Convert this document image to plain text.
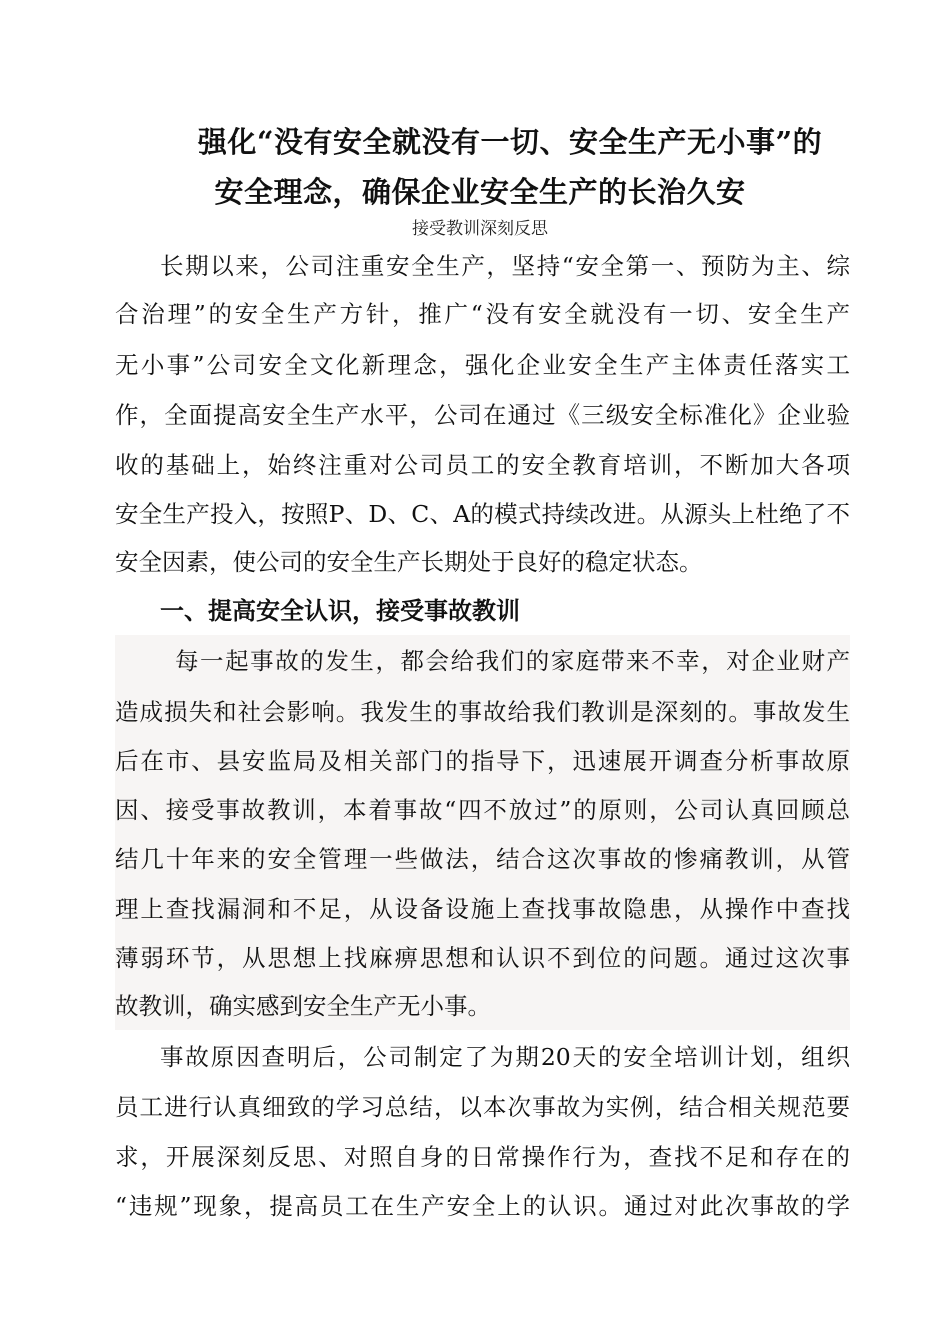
强化“没有安全就没有一切、安全生产无小事”的
安全理念，确保企业安全生产的长治久安
接受教训深刻反思
长期以来，公司注重安全生产，坚持“安全第一、预防为主、综
合治理”的安全生产方针，推广“没有安全就没有一切、安全生产
无小事”公司安全文化新理念，强化企业安全生产主体责任落实工
作，全面提高安全生产水平，公司在通过《三级安全标准化》企业验
收的基础上，始终注重对公司员工的安全教育培训，不断加大各项
安全生产投入，按照P、D、C、A的模式持续改进。从源头上杜绝了不
安全因素，使公司的安全生产长期处于良好的稳定状态。
一、提高安全认识，接受事故教训
每一起事故的发生，都会给我们的家庭带来不幸，对企业财产
造成损失和社会影响。我发生的事故给我们教训是深刻的。事故发生
后在市、县安监局及相关部门的指导下，迅速展开调查分析事故原
因、接受事故教训，本着事故“四不放过”的原则，公司认真回顾总
结几十年来的安全管理一些做法，结合这次事故的惨痛教训，从管
理上查找漏洞和不足，从设备设施上查找事故隐患，从操作中查找
薄弱环节，从思想上找麻痹思想和认识不到位的问题。通过这次事
故教训，确实感到安全生产无小事。
事故原因查明后，公司制定了为期20天的安全培训计划，组织
员工进行认真细致的学习总结，以本次事故为实例，结合相关规范要
求，开展深刻反思、对照自身的日常操作行为，查找不足和存在的
“违规”现象，提高员工在生产安全上的认识。通过对此次事故的学
